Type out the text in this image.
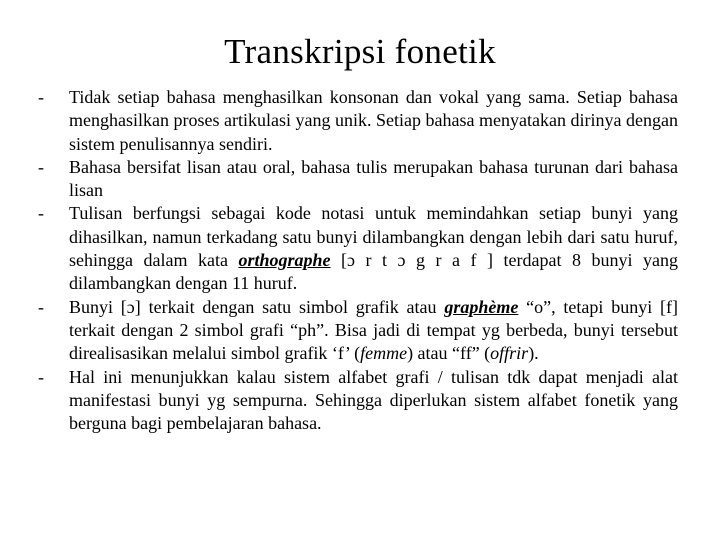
Transkripsi fonetik
- Tidak setiap bahasa menghasilkan konsonan dan vokal yang sama. Setiap bahasa menghasilkan proses artikulasi yang unik. Setiap bahasa menyatakan dirinya dengan sistem penulisannya sendiri.
- Bahasa bersifat lisan atau oral, bahasa tulis merupakan bahasa turunan dari bahasa lisan
- Tulisan berfungsi sebagai kode notasi untuk memindahkan setiap bunyi yang dihasilkan, namun terkadang satu bunyi dilambangkan dengan lebih dari satu huruf, sehingga dalam kata orthographe [ɔ r t ɔ g r a f ] terdapat 8 bunyi yang dilambangkan dengan 11 huruf.
- Bunyi [ɔ] terkait dengan satu simbol grafik atau graphème “o”, tetapi bunyi [f] terkait dengan 2 simbol grafi “ph”. Bisa jadi di tempat yg berbeda, bunyi tersebut direalisasikan melalui simbol grafik ‘f’ (femme) atau “ff” (offrir).
- Hal ini menunjukkan kalau sistem alfabet grafi / tulisan tdk dapat menjadi alat manifestasi bunyi yg sempurna. Sehingga diperlukan sistem alfabet fonetik yang berguna bagi pembelajaran bahasa.
